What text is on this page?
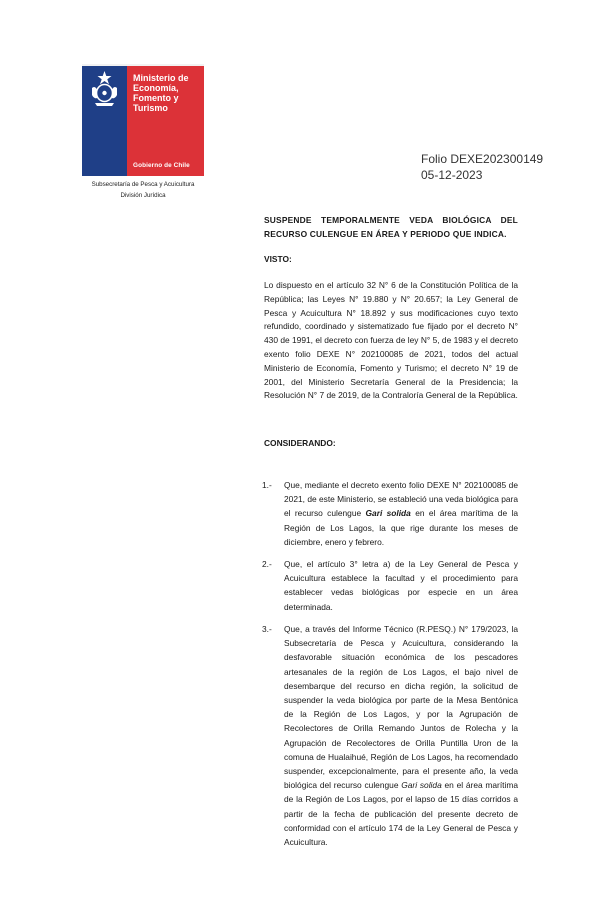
Ministerio de
Economía,
Fomento y
Turismo
Gobierno de Chile
Subsecretaría de Pesca y Acuicultura
División Jurídica
Folio DEXE202300149
05-12-2023
SUSPENDE TEMPORALMENTE VEDA BIOLÓGICA DEL
RECURSO CULENGUE EN ÁREA Y PERIODO QUE INDICA.
VISTO:
Lo dispuesto en el artículo 32 N° 6 de la Constitución Política de la República; las Leyes N° 19.880 y N° 20.657; la Ley General de Pesca y Acuicultura N° 18.892 y sus modificaciones cuyo texto refundido, coordinado y sistematizado fue fijado por el decreto N° 430 de 1991, el decreto con fuerza de ley N° 5, de 1983 y el decreto exento folio DEXE N° 202100085 de 2021, todos del actual Ministerio de Economía, Fomento y Turismo; el decreto N° 19 de 2001, del Ministerio Secretaría General de la Presidencia; la Resolución N° 7 de 2019, de la Contraloría General de la República.
CONSIDERANDO:
1.- Que, mediante el decreto exento folio DEXE N° 202100085 de 2021, de este Ministerio, se estableció una veda biológica para el recurso culengue Gari solida en el área marítima de la Región de Los Lagos, la que rige durante los meses de diciembre, enero y febrero.
2.- Que, el artículo 3° letra a) de la Ley General de Pesca y Acuicultura establece la facultad y el procedimiento para establecer vedas biológicas por especie en un área determinada.
3.- Que, a través del Informe Técnico (R.PESQ.) N° 179/2023, la Subsecretaría de Pesca y Acuicultura, considerando la desfavorable situación económica de los pescadores artesanales de la región de Los Lagos, el bajo nivel de desembarque del recurso en dicha región, la solicitud de suspender la veda biológica por parte de la Mesa Bentónica de la Región de Los Lagos, y por la Agrupación de Recolectores de Orilla Remando Juntos de Rolecha y la Agrupación de Recolectores de Orilla Puntilla Uron de la comuna de Hualaihué, Región de Los Lagos, ha recomendado suspender, excepcionalmente, para el presente año, la veda biológica del recurso culengue Gari solida en el área marítima de la Región de Los Lagos, por el lapso de 15 días corridos a partir de la fecha de publicación del presente decreto de conformidad con el artículo 174 de la Ley General de Pesca y Acuicultura.
